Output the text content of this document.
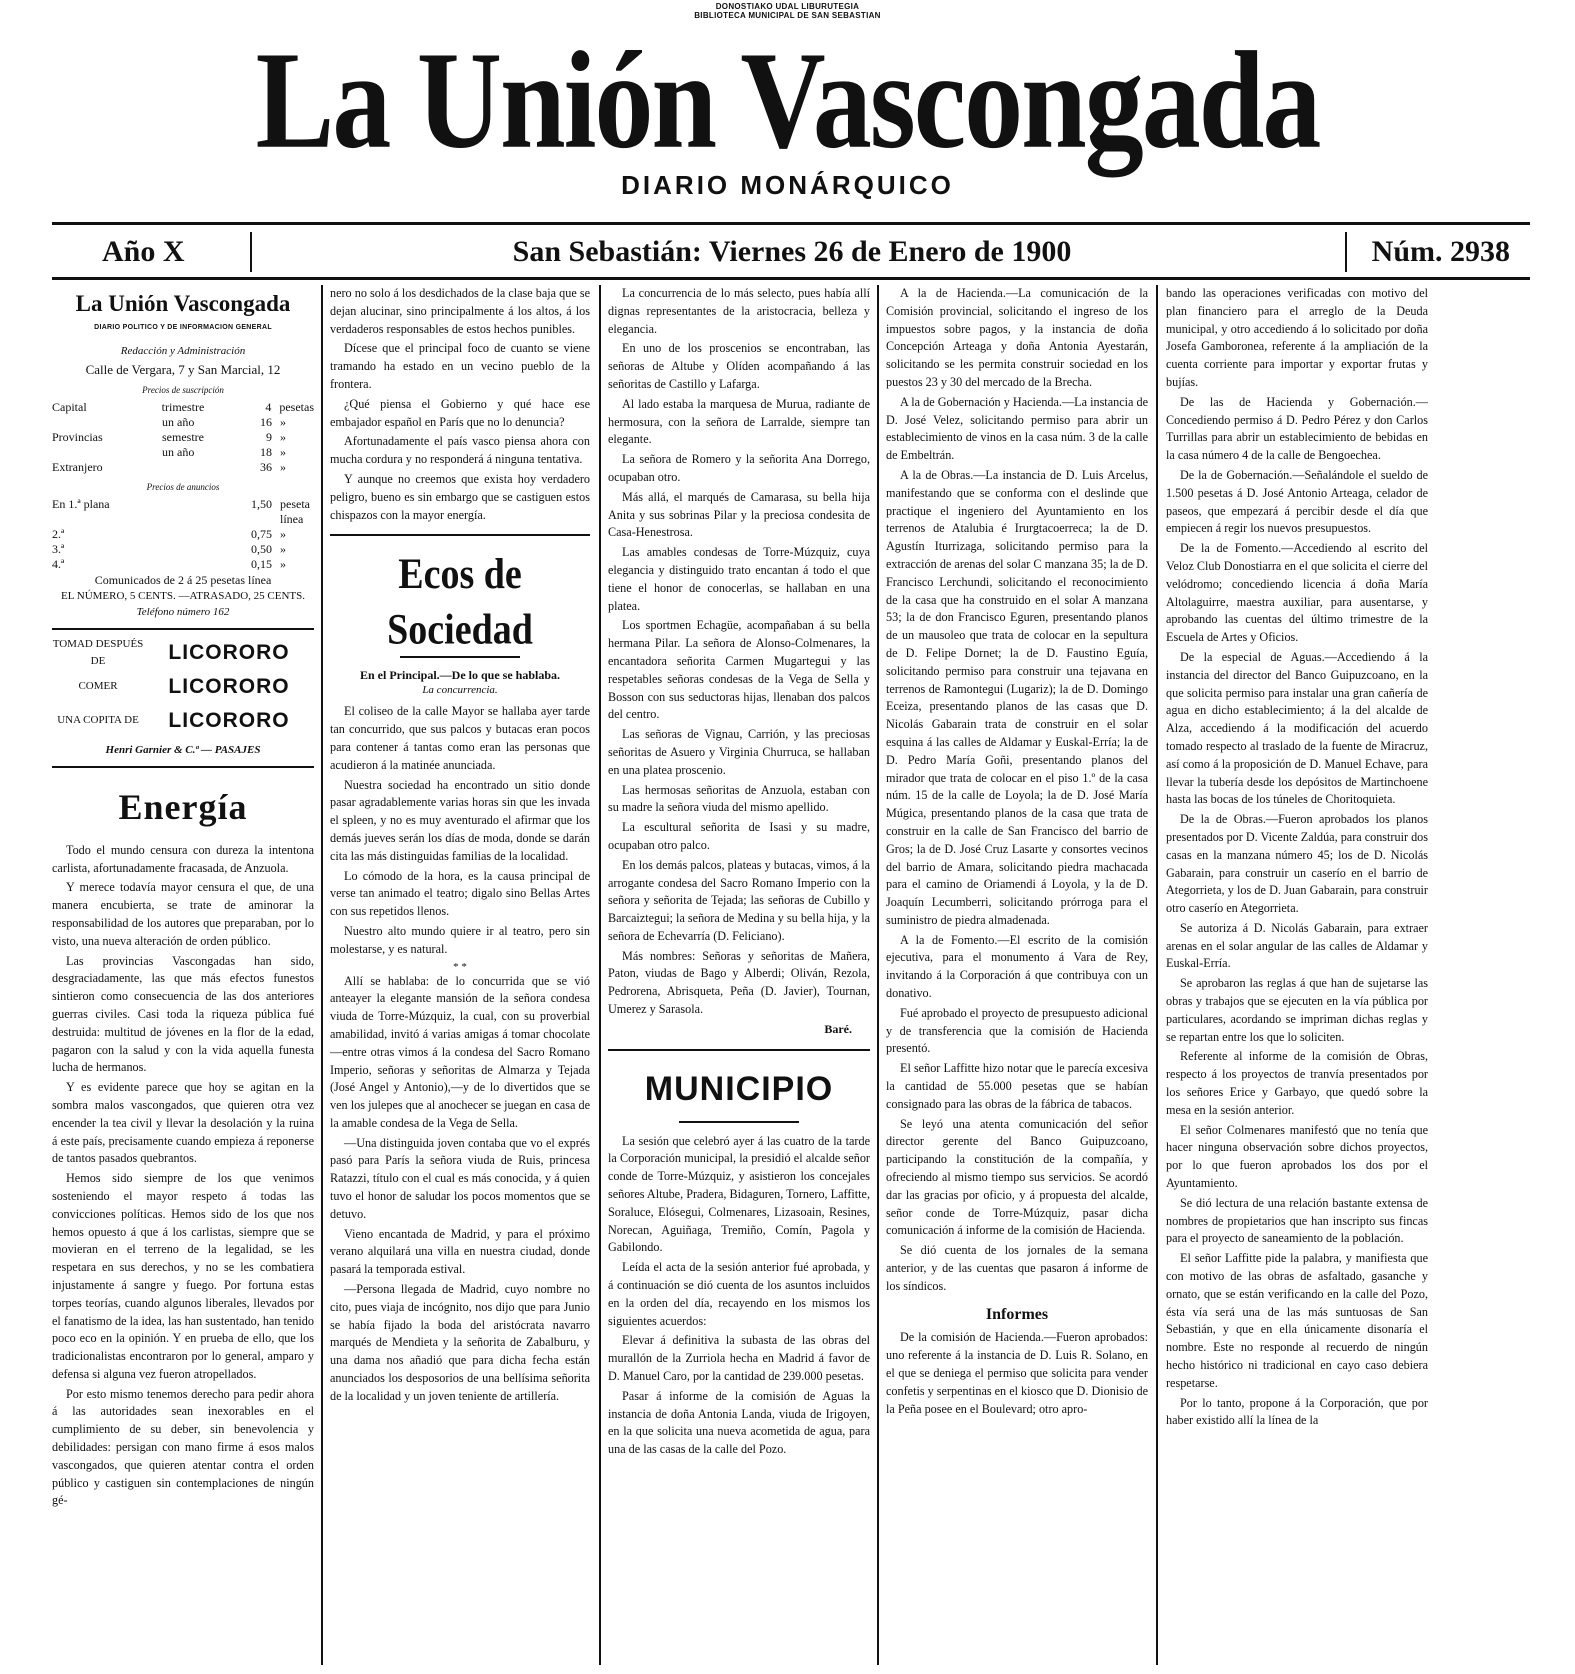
DONOSTIAKO UDAL LIBURUTEGIA
BIBLIOTECA MUNICIPAL DE SAN SEBASTIAN
La Unión Vascongada
DIARIO MONÁRQUICO
Año X	San Sebastián: Viernes 26 de Enero de 1900	Núm. 2938
La Unión Vascongada
DIARIO POLITICO Y DE INFORMACION GENERAL
Redacción y Administración
Calle de Vergara, 7 y San Marcial, 12
Precios de suscripción
Capital	trimestre	4 pesetas
un año	16 »
Provincias	semestre	9 »
un año	18 »
Extranjero	36 »
Precios de anuncios
En 1.ª plana	1,50 peseta línea
2.ª	0,75 »
3.ª	0,50 »
4.ª	0,15 »
Comunicados de 2 á 25 pesetas línea
EL NÚMERO, 5 CENTS. —ATRASADO, 25 CENTS.
Teléfono número 162
TOMAD DESPUÉS DE	LICORORO
COMER	LICORORO
UNA COPITA DE	LICORORO
Henri Garnier & C.ª — PASAJES
Energía

Todo el mundo censura con dureza la intentona carlista, afortunadamente fracasada, de Anzuola.

Y merece todavía mayor censura el que, de una manera encubierta, se trate de aminorar la responsabilidad de los autores que preparaban, por lo visto, una nueva alteración de orden público.

Las provincias Vascongadas han sido, desgraciadamente, las que más efectos funestos sintieron como consecuencia de las dos anteriores guerras civiles. Casi toda la riqueza pública fué destruida: multitud de jóvenes en la flor de la edad, pagaron con la salud y con la vida aquella funesta lucha de hermanos.

Y es evidente parece que hoy se agitan en la sombra malos vascongados, que quieren otra vez encender la tea civil y llevar la desolación y la ruina á este país, precisamente cuando empieza á reponerse de tantos pasados quebrantos.

Hemos sido siempre de los que venimos sosteniendo el mayor respeto á todas las convicciones políticas. Hemos sido de los que nos hemos opuesto á que á los carlistas, siempre que se movieran en el terreno de la legalidad, se les respetara en sus derechos, y no se les combatiera injustamente á sangre y fuego. Por fortuna estas torpes teorías, cuando algunos liberales, llevados por el fanatismo de la idea, las han sustentado, han tenido poco eco en la opinión. Y en prueba de ello, que los tradicionalistas encontraron por lo general, amparo y defensa si alguna vez fueron atropellados.

Por esto mismo tenemos derecho para pedir ahora á las autoridades sean inexorables en el cumplimiento de su deber, sin benevolencia y debilidades: persigan con mano firme á esos malos vascongados, que quieren atentar contra el orden público y castiguen sin contemplaciones de ningún gé-

nero no solo á los desdichados de la clase baja que se dejan alucinar, sino principalmente á los altos, á los verdaderos responsables de estos hechos punibles.

Dícese que el principal foco de cuanto se viene tramando ha estado en un vecino pueblo de la frontera.

¿Qué piensa el Gobierno y qué hace ese embajador español en París que no lo denuncia?

Afortunadamente el país vasco piensa ahora con mucha cordura y no responderá á ninguna tentativa.

Y aunque no creemos que exista hoy verdadero peligro, bueno es sin embargo que se castiguen estos chispazos con la mayor energía.

Ecos de Sociedad
En el Principal.—De lo que se hablaba.
La concurrencia.

El coliseo de la calle Mayor se hallaba ayer tarde tan concurrido, que sus palcos y butacas eran pocos para contener á tantas como eran las personas que acudieron á la matinée anunciada.

Nuestra sociedad ha encontrado un sitio donde pasar agradablemente varias horas sin que les invada el spleen, y no es muy aventurado el afirmar que los demás jueves serán los días de moda, donde se darán cita las más distinguidas familias de la localidad.

Lo cómodo de la hora, es la causa principal de verse tan animado el teatro; digalo sino Bellas Artes con sus repetidos llenos.

Nuestro alto mundo quiere ir al teatro, pero sin molestarse, y es natural.

* *

Allí se hablaba: de lo concurrida que se vió anteayer la elegante mansión de la señora condesa viuda de Torre-Múzquiz, la cual, con su proverbial amabilidad, invitó á varias amigas á tomar chocolate—entre otras vimos á la condesa del Sacro Romano Imperio, señoras y señoritas de Almarza y Tejada (José Angel y Antonio),—y de lo divertidos que se ven los julepes que al anochecer se juegan en casa de la amable condesa de la Vega de Sella.

—Una distinguida joven contaba que vo el exprés pasó para París la señora viuda de Ruis, princesa Ratazzi, título con el cual es más conocida, y á quien tuvo el honor de saludar los pocos momentos que se detuvo.

Vieno encantada de Madrid, y para el próximo verano alquilará una villa en nuestra ciudad, donde pasará la temporada estival.

—Persona llegada de Madrid, cuyo nombre no cito, pues viaja de incógnito, nos dijo que para Junio se había fijado la boda del aristócrata navarro marqués de Mendieta y la señorita de Zabalburu, y una dama nos añadió que para dicha fecha están anunciados los desposorios de una bellísima señorita de la localidad y un joven teniente de artillería.

La concurrencia de lo más selecto, pues había allí dignas representantes de la aristocracia, belleza y elegancia.

En uno de los proscenios se encontraban, las señoras de Altube y Olíden acompañando á las señoritas de Castillo y Lafarga.

Al lado estaba la marquesa de Murua, radiante de hermosura, con la señora de Larralde, siempre tan elegante.

La señora de Romero y la señorita Ana Dorrego, ocupaban otro.

Más allá, el marqués de Camarasa, su bella hija Anita y sus sobrinas Pilar y la preciosa condesita de Casa-Henestrosa.

Las amables condesas de Torre-Múzquiz, cuya elegancia y distinguido trato encantan á todo el que tiene el honor de conocerlas, se hallaban en una platea.

Los sportmen Echagüe, acompañaban á su bella hermana Pilar. La señora de Alonso-Colmenares, la encantadora señorita Carmen Mugartegui y las respetables señoras condesas de la Vega de Sella y Bosson con sus seductoras hijas, llenaban dos palcos del centro.

Las señoras de Vignau, Carrión, y las preciosas señoritas de Asuero y Virginia Churruca, se hallaban en una platea proscenio.

Las hermosas señoritas de Anzuola, estaban con su madre la señora viuda del mismo apellido.

La escultural señorita de Isasi y su madre, ocupaban otro palco.

En los demás palcos, plateas y butacas, vimos, á la arrogante condesa del Sacro Romano Imperio con la señora y señorita de Tejada; las señoras de Cubillo y Barcaiztegui; la señora de Medina y su bella hija, y la señora de Echevarría (D. Feliciano).

Más nombres: Señoras y señoritas de Mañera, Paton, viudas de Bago y Alberdi; Oliván, Rezola, Pedrorena, Abrisqueta, Peña (D. Javier), Tournan, Umerez y Sarasola.

Baré.
MUNICIPIO

La sesión que celebró ayer á las cuatro de la tarde la Corporación municipal, la presidió el alcalde señor conde de Torre-Múzquiz, y asistieron los concejales señores Altube, Pradera, Bidaguren, Tornero, Laffitte, Soraluce, Elósegui, Colmenares, Lizasoain, Resines, Norecan, Aguiñaga, Tremiño, Comín, Pagola y Gabilondo.

Leída el acta de la sesión anterior fué aprobada, y á continuación se dió cuenta de los asuntos incluidos en la orden del día, recayendo en los mismos los siguientes acuerdos:

Elevar á definitiva la subasta de las obras del murallón de la Zurriola hecha en Madrid á favor de D. Manuel Caro, por la cantidad de 239.000 pesetas.

Pasar á informe de la comisión de Aguas la instancia de doña Antonia Landa, viuda de Irigoyen, en la que solicita una nueva acometida de agua, para una de las casas de la calle del Pozo.

A la de Hacienda.—La comunicación de la Comisión provincial, solicitando el ingreso de los impuestos sobre pagos, y la instancia de doña Concepción Arteaga y doña Antonia Ayestarán, solicitando se les permita construir sociedad en los puestos 23 y 30 del mercado de la Brecha.

A la de Gobernación y Hacienda.—La instancia de D. José Velez, solicitando permiso para abrir un establecimiento de vinos en la casa núm. 3 de la calle de Embeltrán.

A la de Obras.—La instancia de D. Luis Arcelus, manifestando que se conforma con el deslinde que practique el ingeniero del Ayuntamiento en los terrenos de Atalubia é Irurgtacoerreca; la de D. Agustín Iturrizaga, solicitando permiso para la extracción de arenas del solar C manzana 35; la de D. Francisco Lerchundi, solicitando el reconocimiento de la casa que ha construido en el solar A manzana 53; la de don Francisco Eguren, presentando planos de un mausoleo que trata de colocar en la sepultura de D. Felipe Dornet; la de D. Faustino Eguía, solicitando permiso para construir una tejavana en terrenos de Ramontegui (Lugariz); la de D. Domingo Eceiza, presentando planos de las casas que D. Nicolás Gabarain trata de construir en el solar esquina á las calles de Aldamar y Euskal-Erría; la de D. Pedro María Goñi, presentando planos del mirador que trata de colocar en el piso 1.º de la casa núm. 15 de la calle de Loyola; la de D. José María Múgica, presentando planos de la casa que trata de construir en la calle de San Francisco del barrio de Gros; la de D. José Cruz Lasarte y consortes vecinos del barrio de Amara, solicitando piedra machacada para el camino de Oriamendi á Loyola, y la de D. Joaquín Lecumberri, solicitando prórroga para el suministro de piedra almadenada.

A la de Fomento.—El escrito de la comisión ejecutiva, para el monumento á Vara de Rey, invitando á la Corporación á que contribuya con un donativo.

Fué aprobado el proyecto de presupuesto adicional y de transferencia que la comisión de Hacienda presentó.

El señor Laffitte hizo notar que le parecía excesiva la cantidad de 55.000 pesetas que se habían consignado para las obras de la fábrica de tabacos.

Se leyó una atenta comunicación del señor director gerente del Banco Guipuzcoano, participando la constitución de la compañía, y ofreciendo al mismo tiempo sus servicios. Se acordó dar las gracias por oficio, y á propuesta del alcalde, señor conde de Torre-Múzquiz, pasar dicha comunicación á informe de la comisión de Hacienda.

Se dió cuenta de los jornales de la semana anterior, y de las cuentas que pasaron á informe de los síndicos.

Informes

De la comisión de Hacienda.—Fueron aprobados: uno referente á la instancia de D. Luis R. Solano, en el que se deniega el permiso que solicita para vender confetis y serpentinas en el kiosco que D. Dionisio de la Peña posee en el Boulevard; otro apro-

bando las operaciones verificadas con motivo del plan financiero para el arreglo de la Deuda municipal, y otro accediendo á lo solicitado por doña Josefa Gamboronea, referente á la ampliación de la cuenta corriente para importar y exportar frutas y bujías.

De las de Hacienda y Gobernación.—Concediendo permiso á D. Pedro Pérez y don Carlos Turrillas para abrir un establecimiento de bebidas en la casa número 4 de la calle de Bengoechea.

De la de Gobernación.—Señalándole el sueldo de 1.500 pesetas á D. José Antonio Arteaga, celador de paseos, que empezará á percibir desde el día que empiecen á regir los nuevos presupuestos.

De la de Fomento.—Accediendo al escrito del Veloz Club Donostiarra en el que solicita el cierre del velódromo; concediendo licencia á doña María Altolaguirre, maestra auxiliar, para ausentarse, y aprobando las cuentas del último trimestre de la Escuela de Artes y Oficios.

De la especial de Aguas.—Accediendo á la instancia del director del Banco Guipuzcoano, en la que solicita permiso para instalar una gran cañería de agua en dicho establecimiento; á la del alcalde de Alza, accediendo á la modificación del acuerdo tomado respecto al traslado de la fuente de Miracruz, así como á la proposición de D. Manuel Echave, para llevar la tubería desde los depósitos de Martinchoene hasta las bocas de los túneles de Choritoquieta.

De la de Obras.—Fueron aprobados los planos presentados por D. Vicente Zaldúa, para construir dos casas en la manzana número 45; los de D. Nicolás Gabarain, para construir un caserío en el barrio de Ategorrieta, y los de D. Juan Gabarain, para construir otro caserío en Ategorrieta.

Se autoriza á D. Nicolás Gabarain, para extraer arenas en el solar angular de las calles de Aldamar y Euskal-Erría.

Se aprobaron las reglas á que han de sujetarse las obras y trabajos que se ejecuten en la vía pública por particulares, acordando se impriman dichas reglas y se repartan entre los que lo soliciten.

Referente al informe de la comisión de Obras, respecto á los proyectos de tranvía presentados por los señores Erice y Garbayo, que quedó sobre la mesa en la sesión anterior.

El señor Colmenares manifestó que no tenía que hacer ninguna observación sobre dichos proyectos, por lo que fueron aprobados los dos por el Ayuntamiento.

Se dió lectura de una relación bastante extensa de nombres de propietarios que han inscripto sus fincas para el proyecto de saneamiento de la población.

El señor Laffitte pide la palabra, y manifiesta que con motivo de las obras de asfaltado, gasanche y ornato, que se están verificando en la calle del Pozo, ésta vía será una de las más suntuosas de San Sebastián, y que en ella únicamente disonaría el nombre. Este no responde al recuerdo de ningún hecho histórico ni tradicional en cayo caso debiera respetarse.

Por lo tanto, propone á la Corporación, que por haber existido allí la línea de la
